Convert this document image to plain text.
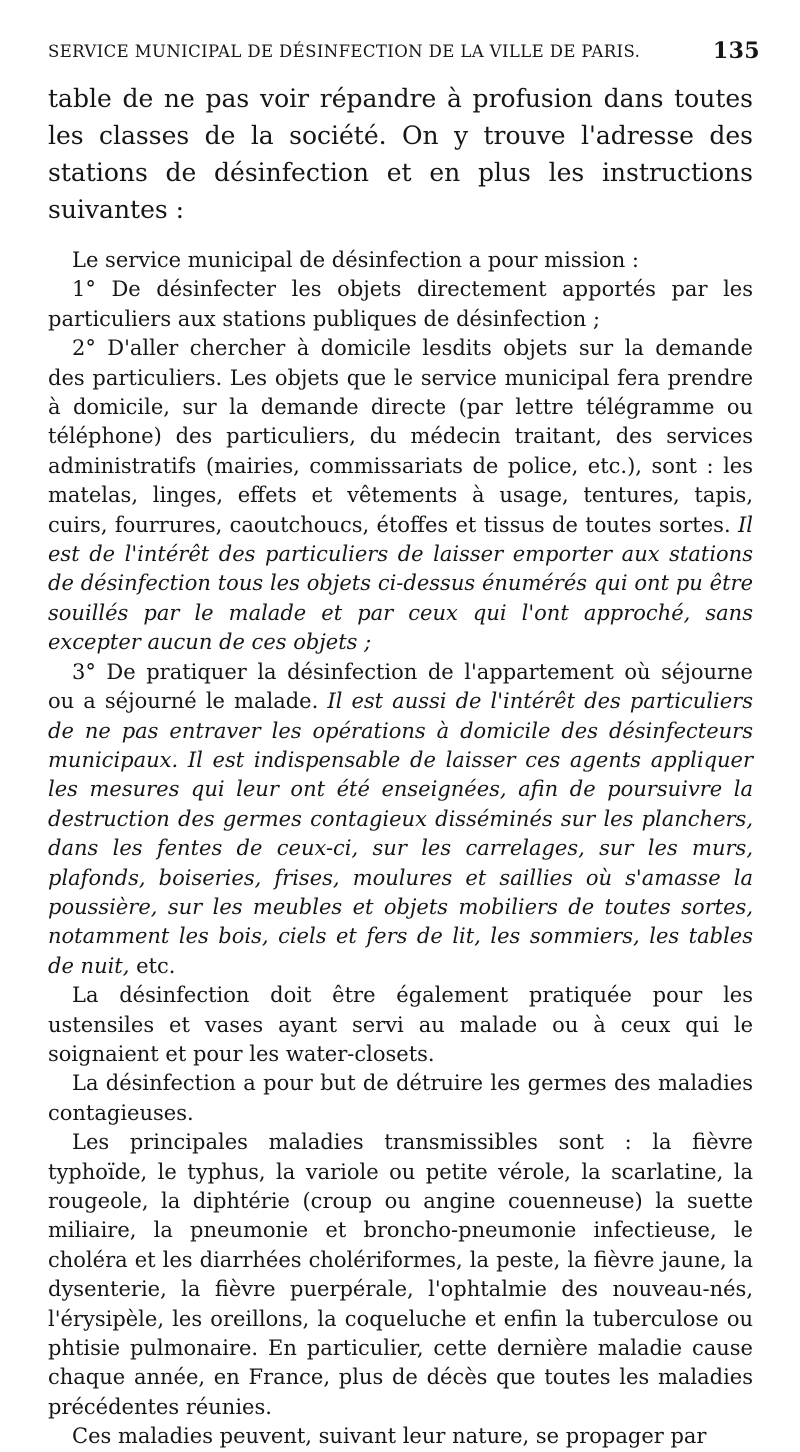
SERVICE MUNICIPAL DE DÉSINFECTION DE LA VILLE DE PARIS.	135

table de ne pas voir répandre à profusion dans toutes les classes de la société. On y trouve l'adresse des stations de désinfection et en plus les instructions suivantes :

Le service municipal de désinfection a pour mission :

1° De désinfecter les objets directement apportés par les particuliers aux stations publiques de désinfection ;

2° D'aller chercher à domicile lesdits objets sur la demande des particuliers. Les objets que le service municipal fera prendre à domicile, sur la demande directe (par lettre télégramme ou téléphone) des particuliers, du médecin traitant, des services administratifs (mairies, commissariats de police, etc.), sont : les matelas, linges, effets et vêtements à usage, tentures, tapis, cuirs, fourrures, caoutchoucs, étoffes et tissus de toutes sortes. Il est de l'intérêt des particuliers de laisser emporter aux stations de désinfection tous les objets ci-dessus énumérés qui ont pu être souillés par le malade et par ceux qui l'ont approché, sans excepter aucun de ces objets ;

3° De pratiquer la désinfection de l'appartement où séjourne ou a séjourné le malade. Il est aussi de l'intérêt des particuliers de ne pas entraver les opérations à domicile des désinfecteurs municipaux. Il est indispensable de laisser ces agents appliquer les mesures qui leur ont été enseignées, afin de poursuivre la destruction des germes contagieux disséminés sur les planchers, dans les fentes de ceux-ci, sur les carrelages, sur les murs, plafonds, boiseries, frises, moulures et saillies où s'amasse la poussière, sur les meubles et objets mobiliers de toutes sortes, notamment les bois, ciels et fers de lit, les sommiers, les tables de nuit, etc.

La désinfection doit être également pratiquée pour les ustensiles et vases ayant servi au malade ou à ceux qui le soignaient et pour les water-closets.

La désinfection a pour but de détruire les germes des maladies contagieuses.

Les principales maladies transmissibles sont : la fièvre typhoïde, le typhus, la variole ou petite vérole, la scarlatine, la rougeole, la diphtérie (croup ou angine couenneuse) la suette miliaire, la pneumonie et broncho-pneumonie infectieuse, le choléra et les diarrhées cholériformes, la peste, la fièvre jaune, la dysenterie, la fièvre puerpérale, l'ophtalmie des nouveau-nés, l'érysipèle, les oreillons, la coqueluche et enfin la tuberculose ou phtisie pulmonaire. En particulier, cette dernière maladie cause chaque année, en France, plus de décès que toutes les maladies précédentes réunies.

Ces maladies peuvent, suivant leur nature, se propager par
